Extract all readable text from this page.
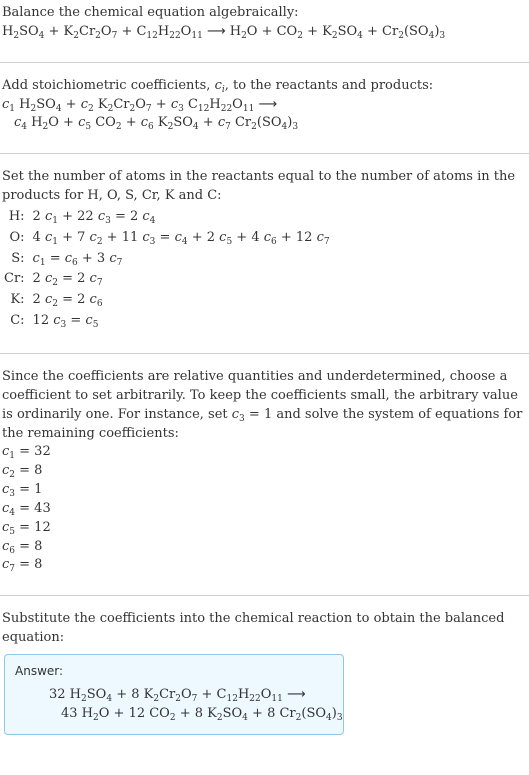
Balance the chemical equation algebraically:

$H_2SO_4 + K_2Cr_2O_7 + C_{12}H_{22}O_{11}$ ⟶ $H_2O + CO_2 + K_2SO_4 + Cr_2(SO_4)_3$

Add stoichiometric coefficients, $c_i$, to the reactants and products:

$c_1$ $H_2SO_4 + c_2$ $K_2Cr_2O_7 + c_3$ $C_{12}H_{22}O_{11}$ ⟶

$c_4$ $H_2O + c_5$ $CO_2 + c_6$ $K_2SO_4 + c_7$ $Cr_2(SO_4)_3$

Set the number of atoms in the reactants equal to the number of atoms in the products for H, O, S, Cr, K and C:

H:	2 $c_1 + 22$ $c_3 = 2$ $c_4$
O:	4 $c_1 + 7$ $c_2 + 11$ $c_3 = c_4 + 2$ $c_5 + 4$ $c_6 + 12$ $c_7$
S:	$c_1 = c_6 + 3$ $c_7$
Cr:	2 $c_2 = 2$ $c_7$
K:	2 $c_2 = 2$ $c_6$
C:	12 $c_3 = c_5$

Since the coefficients are relative quantities and underdetermined, choose a coefficient to set arbitrarily. To keep the coefficients small, the arbitrary value is ordinarily one. For instance, set $c_3 = 1$ and solve the system of equations for the remaining coefficients:

$c_1 = 32$

$c_2 = 8$

$c_3 = 1$

$c_4 = 43$

$c_5 = 12$

$c_6 = 8$

$c_7 = 8$

Substitute the coefficients into the chemical reaction to obtain the balanced equation:

Answer:
32 $H_2SO_4 + 8$ $K_2Cr_2O_7 + C_{12}H_{22}O_{11}$ ⟶
43 $H_2O + 12$ $CO_2 + 8$ $K_2SO_4 + 8$ $Cr_2(SO_4)_3$
